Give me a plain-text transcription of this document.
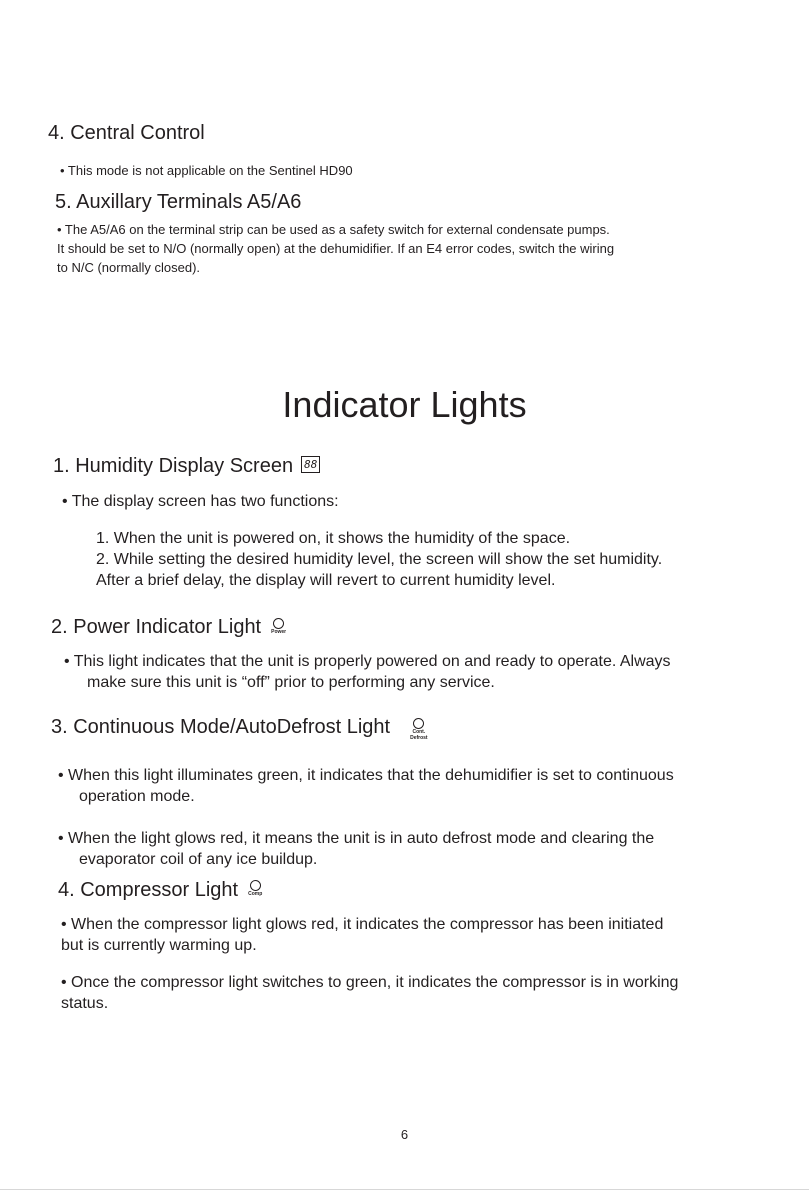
4. Central Control
• This mode is not applicable on the Sentinel HD90
5. Auxillary Terminals A5/A6
• The A5/A6 on the terminal strip can be used as a safety switch for external condensate pumps.
It should be set to N/O (normally open) at the dehumidifier. If an E4 error codes, switch the wiring
to N/C (normally closed).
Indicator Lights
1. Humidity Display Screen 88
• The display screen has two functions:
1. When the unit is powered on, it shows the humidity of the space.
2. While setting the desired humidity level, the screen will show the set humidity.
After a brief delay, the display will revert to current humidity level.
2. Power Indicator Light Power
• This light indicates that the unit is properly powered on and ready to operate. Always
make sure this unit is “off” prior to performing any service.
3. Continuous Mode/AutoDefrost Light	Cont.
Defrost
• When this light illuminates green, it indicates that the dehumidifier is set to continuous
operation mode.
• When the light glows red, it means the unit is in auto defrost mode and clearing the
evaporator coil of any ice buildup.
4. Compressor Light Comp
• When the compressor light glows red, it indicates the compressor has been initiated
but is currently warming up.
• Once the compressor light switches to green, it indicates the compressor is in working
status.
6
